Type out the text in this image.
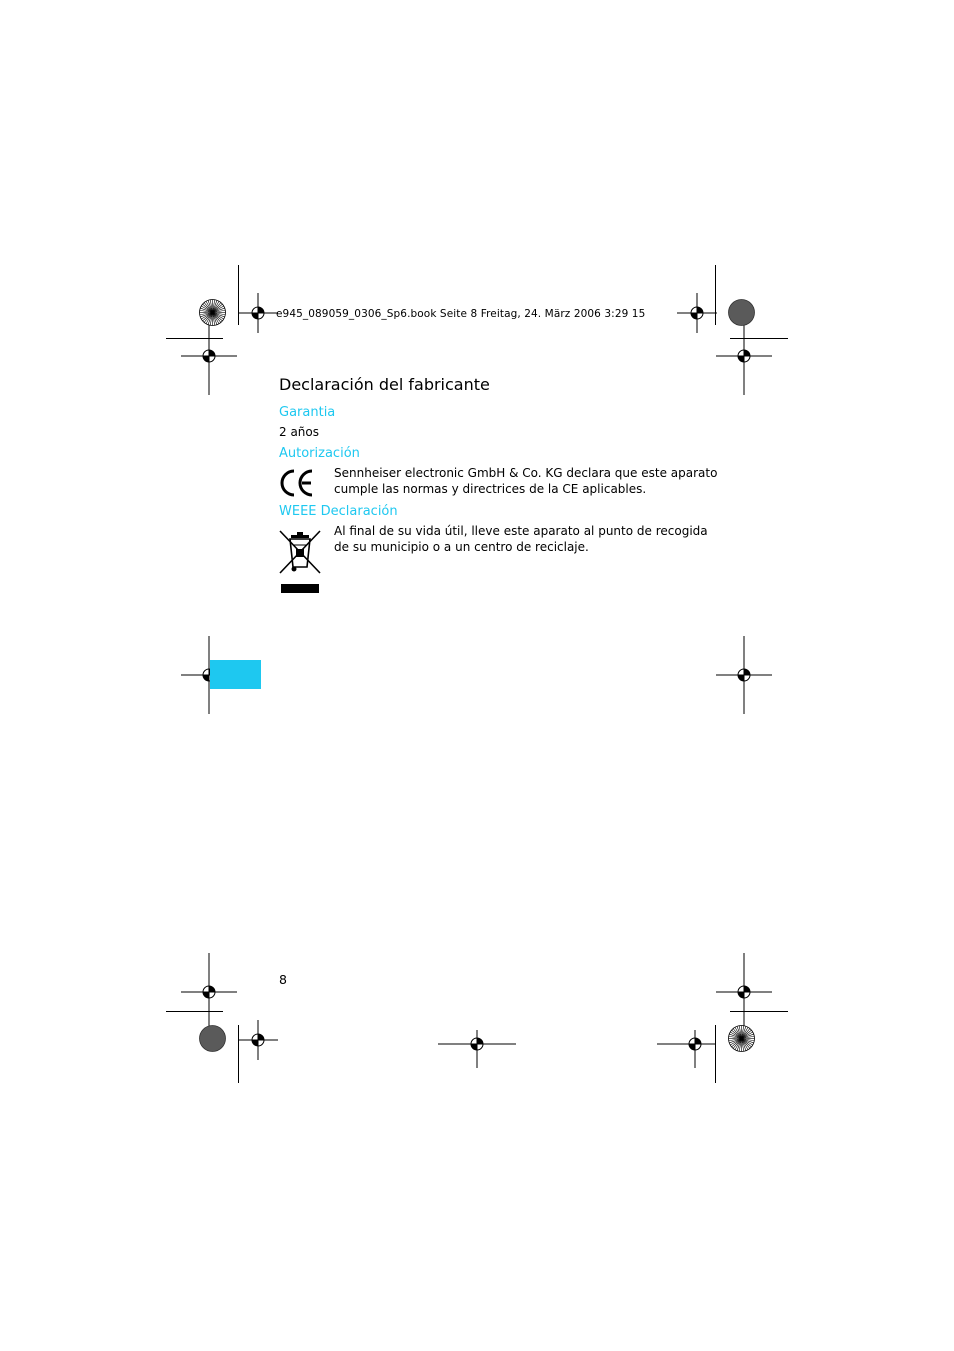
e945_089059_0306_Sp6.book Seite 8 Freitag, 24. März 2006 3:29 15
Declaración del fabricante
Garantia
2 años
Autorización
Sennheiser electronic GmbH & Co. KG declara que este aparato
cumple las normas y directrices de la CE aplicables.
WEEE Declaración
Al final de su vida útil, lleve este aparato al punto de recogida
de su municipio o a un centro de reciclaje.
8
